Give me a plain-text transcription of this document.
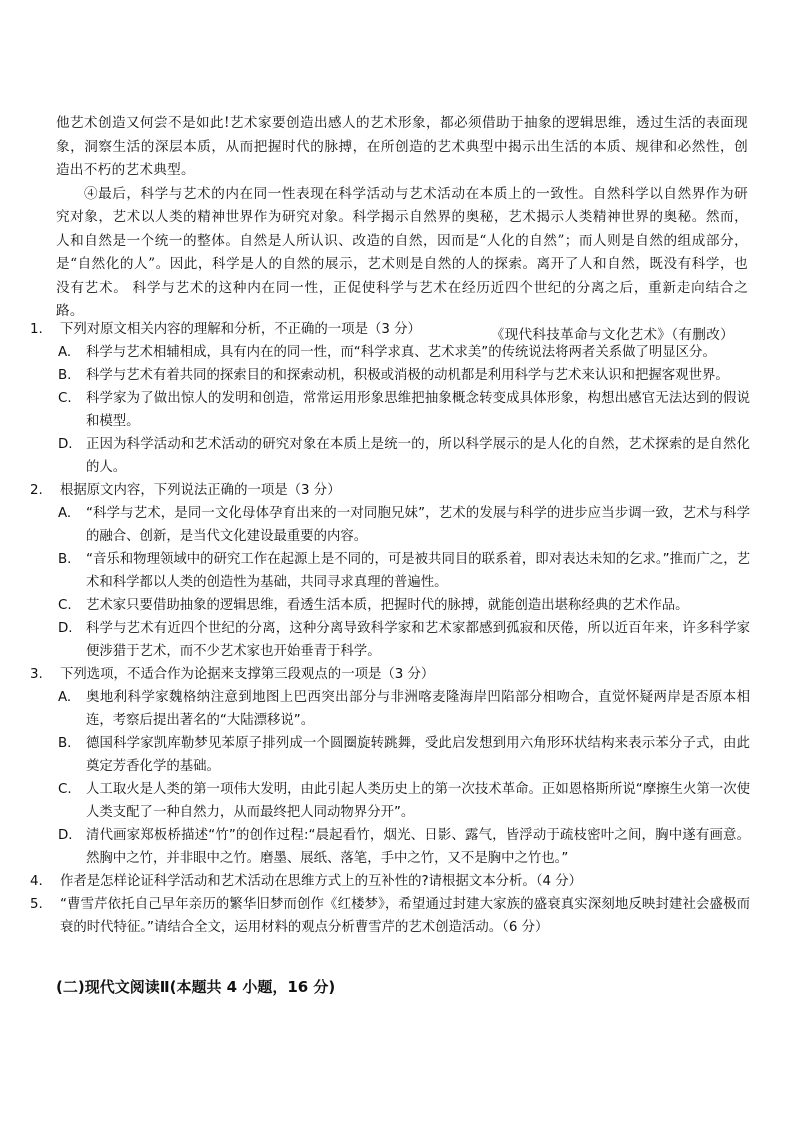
他艺术创造又何尝不是如此!艺术家要创造出感人的艺术形象，都必须借助于抽象的逻辑思维，透过生活的表面现象，洞察生活的深层本质，从而把握时代的脉搏，在所创造的艺术典型中揭示出生活的本质、规律和必然性，创造出不朽的艺术典型。

④最后，科学与艺术的内在同一性表现在科学活动与艺术活动在本质上的一致性。自然科学以自然界作为研究对象，艺术以人类的精神世界作为研究对象。科学揭示自然界的奥秘，艺术揭示人类精神世界的奥秘。然而，人和自然是一个统一的整体。自然是人所认识、改造的自然，因而是“人化的自然”；而人则是自然的组成部分，是“自然化的人”。因此，科学是人的自然的展示，艺术则是自然的人的探索。离开了人和自然，既没有科学，也没有艺术。 科学与艺术的这种内在同一性，正促使科学与艺术在经历近四个世纪的分离之后，重新走向结合之路。

《现代科技革命与文化艺术》（有删改）

1.	下列对原文相关内容的理解和分析，不正确的一项是（3 分）
A.	科学与艺术相辅相成，具有内在的同一性，而“科学求真、艺术求美”的传统说法将两者关系做了明显区分。
B.	科学与艺术有着共同的探索目的和探索动机，积极或消极的动机都是利用科学与艺术来认识和把握客观世界。
C.	科学家为了做出惊人的发明和创造，常常运用形象思维把抽象概念转变成具体形象，构想出感官无法达到的假说和模型。
D.	正因为科学活动和艺术活动的研究对象在本质上是统一的，所以科学展示的是人化的自然，艺术探索的是自然化的人。
2.	根据原文内容，下列说法正确的一项是（3 分）
A.	“科学与艺术，是同一文化母体孕育出来的一对同胞兄妹”，艺术的发展与科学的进步应当步调一致，艺术与科学的融合、创新，是当代文化建设最重要的内容。
B.	“音乐和物理领域中的研究工作在起源上是不同的，可是被共同目的联系着，即对表达未知的乞求。”推而广之，艺术和科学都以人类的创造性为基础，共同寻求真理的普遍性。
C.	艺术家只要借助抽象的逻辑思维，看透生活本质，把握时代的脉搏，就能创造出堪称经典的艺术作品。
D.	科学与艺术有近四个世纪的分离，这种分离导致科学家和艺术家都感到孤寂和厌倦，所以近百年来，许多科学家便涉猎于艺术，而不少艺术家也开始垂青于科学。
3.	下列选项，不适合作为论据来支撑第三段观点的一项是（3 分）
A.	奥地利科学家魏格纳注意到地图上巴西突出部分与非洲喀麦隆海岸凹陷部分相吻合，直觉怀疑两岸是否原本相连，考察后提出著名的“大陆漂移说”。
B.	德国科学家凯库勒梦见苯原子排列成一个圆圈旋转跳舞，受此启发想到用六角形环状结构来表示苯分子式，由此奠定芳香化学的基础。
C.	人工取火是人类的第一项伟大发明，由此引起人类历史上的第一次技术革命。正如恩格斯所说“摩擦生火第一次使人类支配了一种自然力，从而最终把人同动物界分开”。
D.	清代画家郑板桥描述“竹”的创作过程:“晨起看竹，烟光、日影、露气，皆浮动于疏枝密叶之间，胸中遂有画意。然胸中之竹，并非眼中之竹。磨墨、展纸、落笔，手中之竹，又不是胸中之竹也。”
4.	作者是怎样论证科学活动和艺术活动在思维方式上的互补性的?请根据文本分析。（4 分）
5.	“曹雪芹依托自己早年亲历的繁华旧梦而创作《红楼梦》，希望通过封建大家族的盛衰真实深刻地反映封建社会盛极而衰的时代特征。”请结合全文，运用材料的观点分析曹雪芹的艺术创造活动。（6 分）
(二)现代文阅读Ⅱ(本题共 4 小题，16 分)
